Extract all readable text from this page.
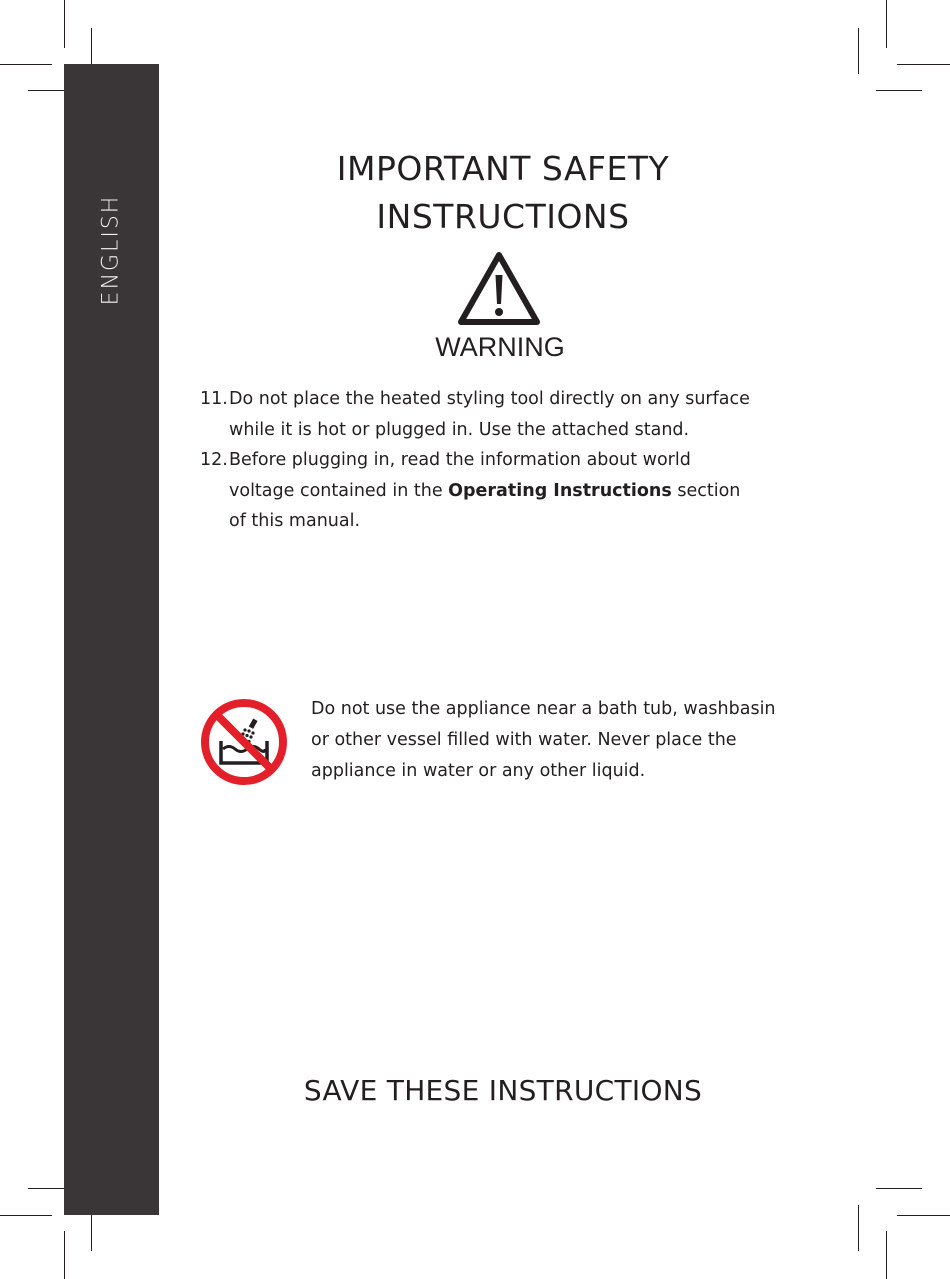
ENGLISH
IMPORTANT SAFETY
INSTRUCTIONS
WARNING
11. Do not place the heated styling tool directly on any surface
while it is hot or plugged in. Use the attached stand.
12. Before plugging in, read the information about world
voltage contained in the Operating Instructions section
of this manual.
Do not use the appliance near a bath tub, washbasin
or other vessel filled with water. Never place the
appliance in water or any other liquid.
SAVE THESE INSTRUCTIONS
